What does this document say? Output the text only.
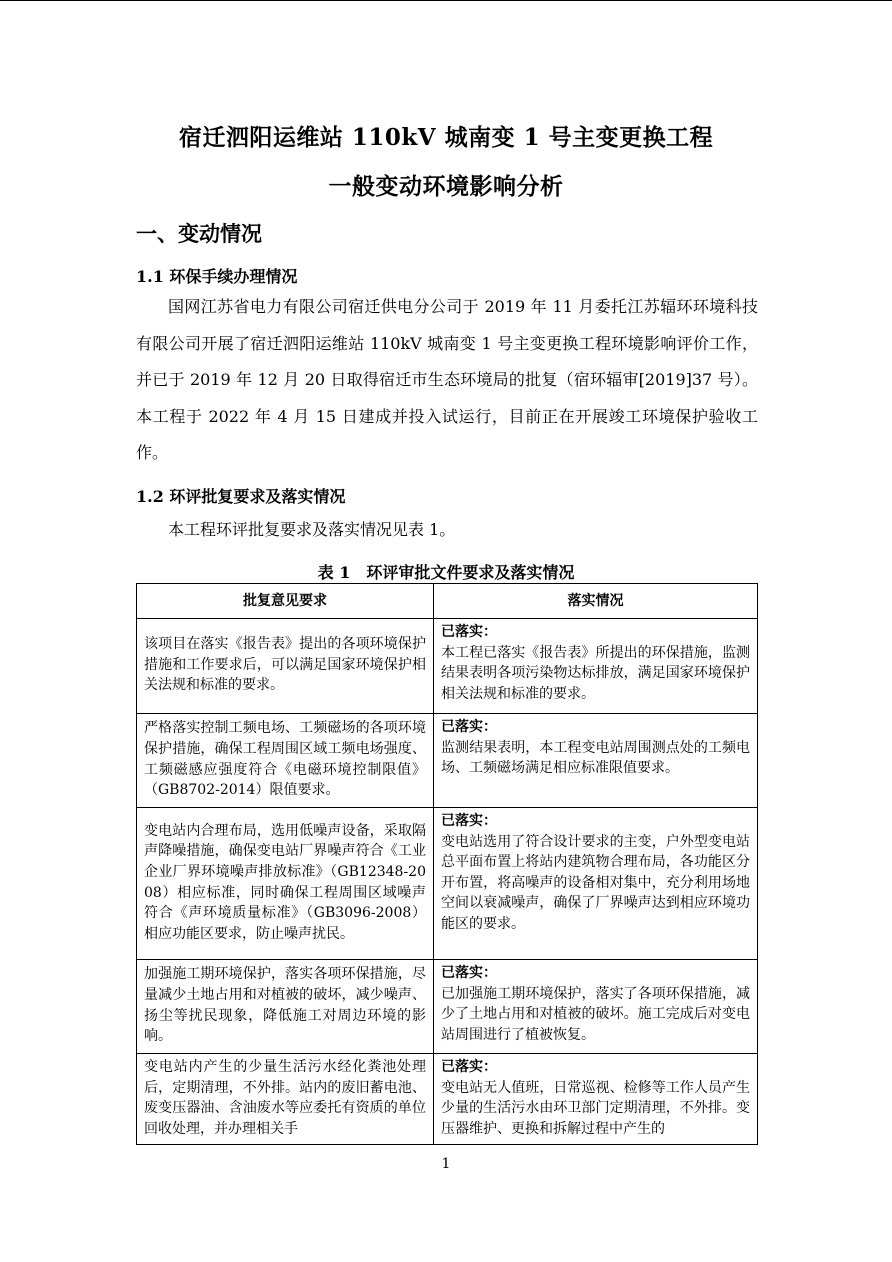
宿迁泗阳运维站 110kV 城南变 1 号主变更换工程
一般变动环境影响分析
一、变动情况
1.1 环保手续办理情况

国网江苏省电力有限公司宿迁供电分公司于 2019 年 11 月委托江苏辐环环境科技有限公司开展了宿迁泗阳运维站 110kV 城南变 1 号主变更换工程环境影响评价工作，并已于 2019 年 12 月 20 日取得宿迁市生态环境局的批复（宿环辐审[2019]37 号）。本工程于 2022 年 4 月 15 日建成并投入试运行，目前正在开展竣工环境保护验收工作。

1.2 环评批复要求及落实情况

本工程环评批复要求及落实情况见表 1。

表 1　环评审批文件要求及落实情况
批复意见要求	落实情况
该项目在落实《报告表》提出的各项环境保护措施和工作要求后，可以满足国家环境保护相关法规和标准的要求。	已落实：
本工程已落实《报告表》所提出的环保措施，监测结果表明各项污染物达标排放，满足国家环境保护相关法规和标准的要求。
严格落实控制工频电场、工频磁场的各项环境保护措施，确保工程周围区域工频电场强度、工频磁感应强度符合《电磁环境控制限值》（GB8702-2014）限值要求。	已落实：
监测结果表明，本工程变电站周围测点处的工频电场、工频磁场满足相应标准限值要求。
变电站内合理布局，选用低噪声设备，采取隔声降噪措施，确保变电站厂界噪声符合《工业企业厂界环境噪声排放标准》（GB12348-2008）相应标准，同时确保工程周围区域噪声符合《声环境质量标准》（GB3096-2008）相应功能区要求，防止噪声扰民。	已落实：
变电站选用了符合设计要求的主变，户外型变电站总平面布置上将站内建筑物合理布局，各功能区分开布置，将高噪声的设备相对集中，充分利用场地空间以衰减噪声，确保了厂界噪声达到相应环境功能区的要求。
加强施工期环境保护，落实各项环保措施，尽量减少土地占用和对植被的破坏，减少噪声、扬尘等扰民现象，降低施工对周边环境的影响。	已落实：
已加强施工期环境保护，落实了各项环保措施，减少了土地占用和对植被的破坏。施工完成后对变电站周围进行了植被恢复。
变电站内产生的少量生活污水经化粪池处理后，定期清理，不外排。站内的废旧蓄电池、废变压器油、含油废水等应委托有资质的单位回收处理，并办理相关手	已落实：
变电站无人值班，日常巡视、检修等工作人员产生少量的生活污水由环卫部门定期清理，不外排。变压器维护、更换和拆解过程中产生的
1
